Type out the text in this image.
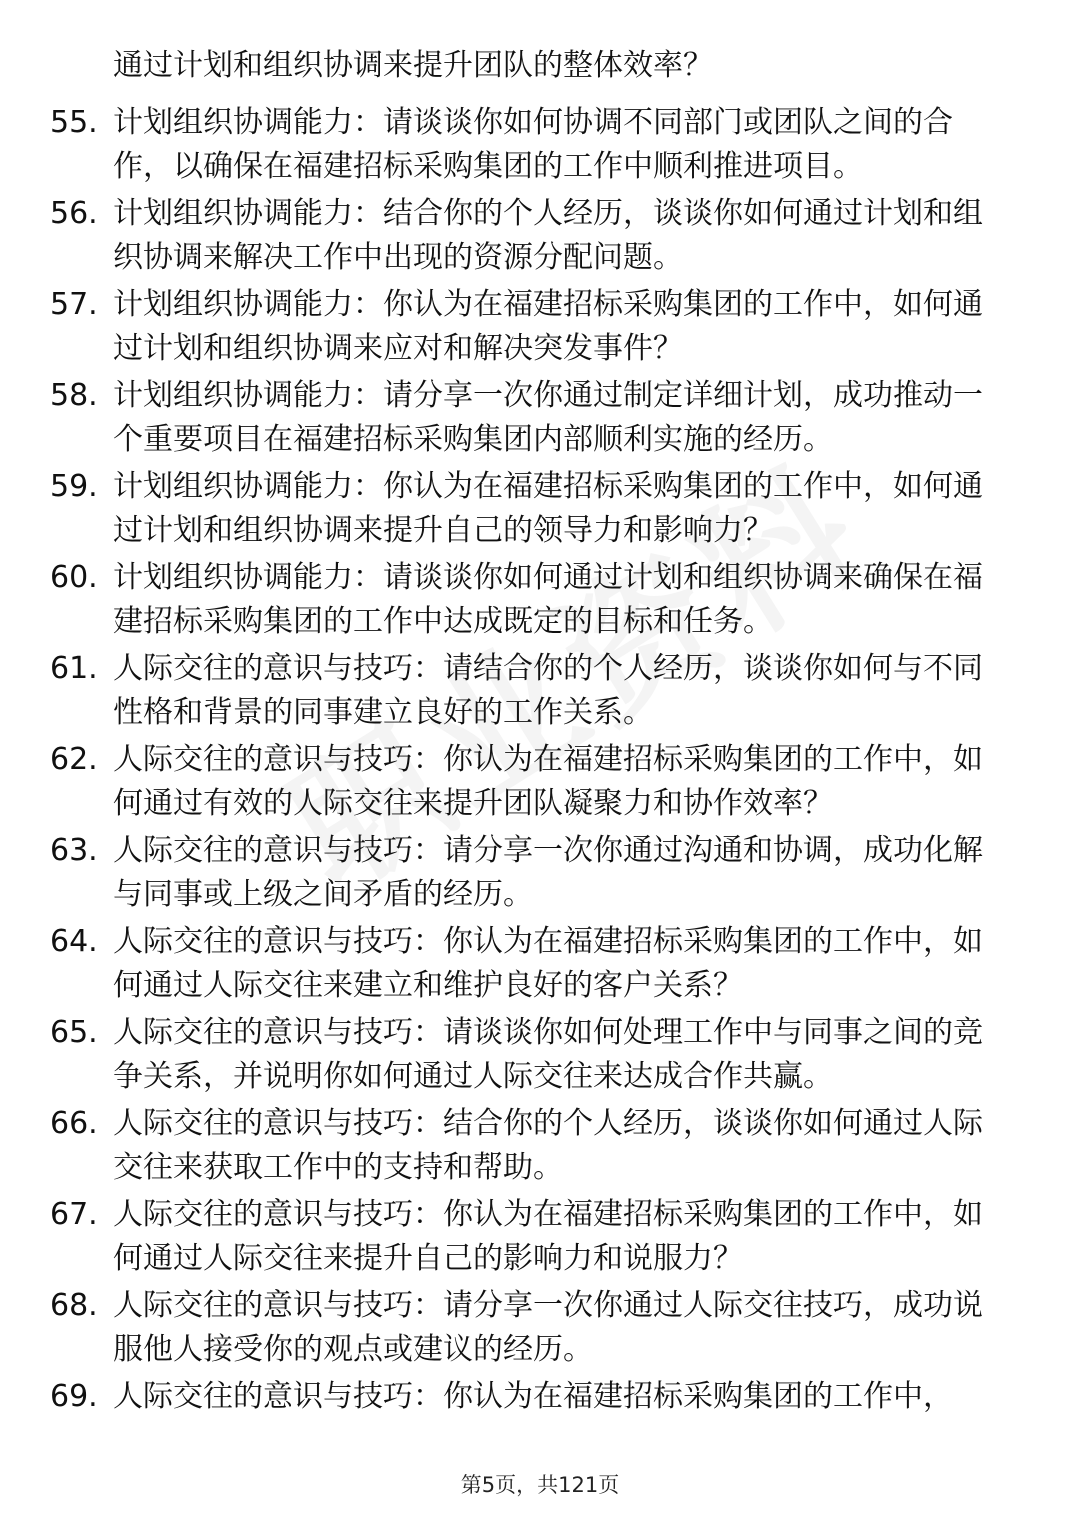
通过计划和组织协调来提升团队的整体效率？
55. 计划组织协调能力：请谈谈你如何协调不同部门或团队之间的合作，以确保在福建招标采购集团的工作中顺利推进项目。

56. 计划组织协调能力：结合你的个人经历，谈谈你如何通过计划和组织协调来解决工作中出现的资源分配问题。

57. 计划组织协调能力：你认为在福建招标采购集团的工作中，如何通过计划和组织协调来应对和解决突发事件？

58. 计划组织协调能力：请分享一次你通过制定详细计划，成功推动一个重要项目在福建招标采购集团内部顺利实施的经历。

59. 计划组织协调能力：你认为在福建招标采购集团的工作中，如何通过计划和组织协调来提升自己的领导力和影响力？

60. 计划组织协调能力：请谈谈你如何通过计划和组织协调来确保在福建招标采购集团的工作中达成既定的目标和任务。

61. 人际交往的意识与技巧：请结合你的个人经历，谈谈你如何与不同性格和背景的同事建立良好的工作关系。

62. 人际交往的意识与技巧：你认为在福建招标采购集团的工作中，如何通过有效的人际交往来提升团队凝聚力和协作效率？

63. 人际交往的意识与技巧：请分享一次你通过沟通和协调，成功化解与同事或上级之间矛盾的经历。

64. 人际交往的意识与技巧：你认为在福建招标采购集团的工作中，如何通过人际交往来建立和维护良好的客户关系？

65. 人际交往的意识与技巧：请谈谈你如何处理工作中与同事之间的竞争关系，并说明你如何通过人际交往来达成合作共赢。

66. 人际交往的意识与技巧：结合你的个人经历，谈谈你如何通过人际交往来获取工作中的支持和帮助。

67. 人际交往的意识与技巧：你认为在福建招标采购集团的工作中，如何通过人际交往来提升自己的影响力和说服力？

68. 人际交往的意识与技巧：请分享一次你通过人际交往技巧，成功说服他人接受你的观点或建议的经历。

69. 人际交往的意识与技巧：你认为在福建招标采购集团的工作中，

第5页，共121页
